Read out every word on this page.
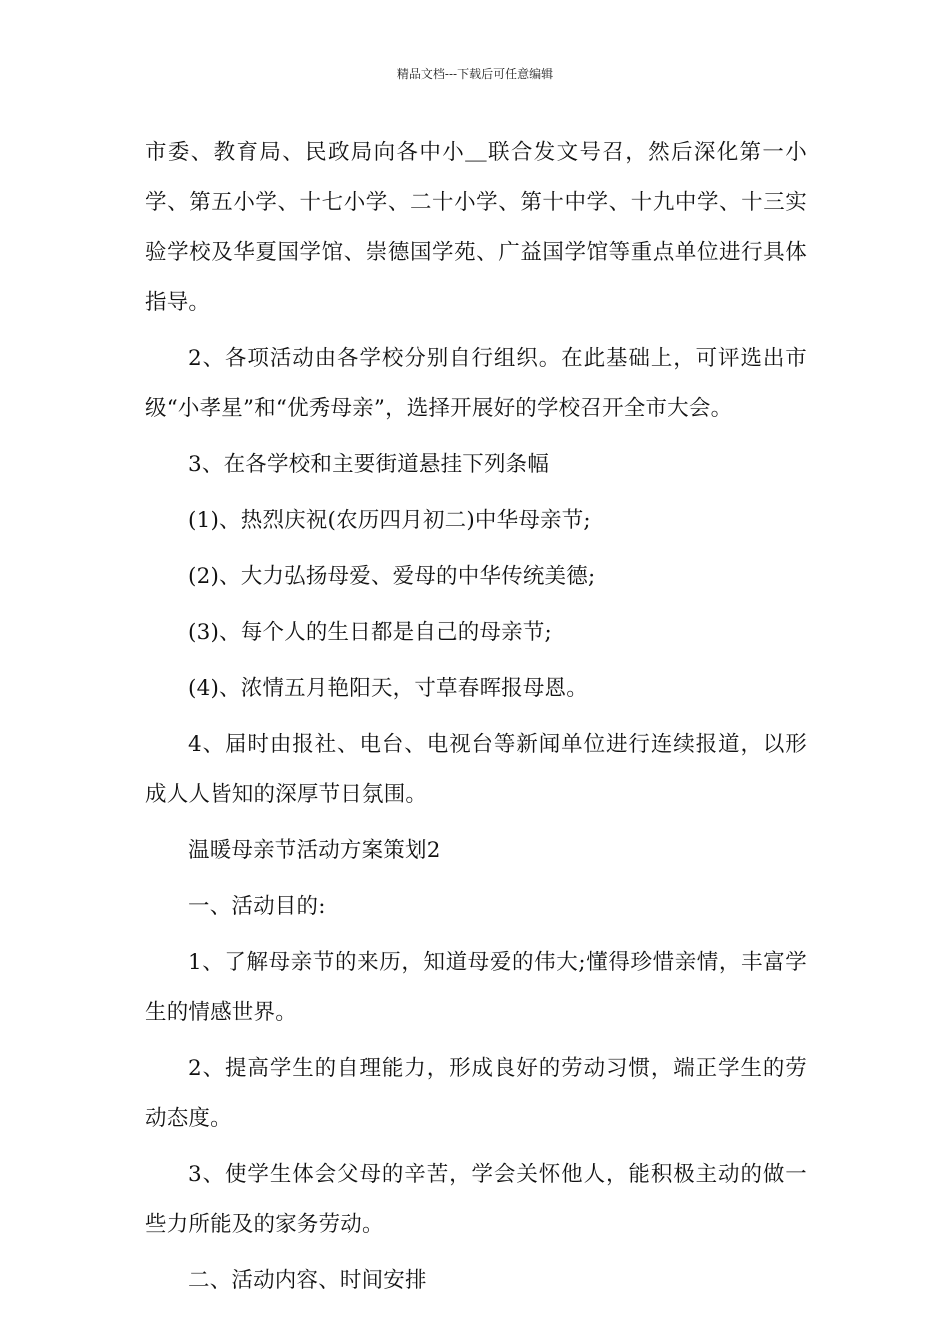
精品文档---下载后可任意编辑

市委、教育局、民政局向各中小＿联合发文号召，然后深化第一小学、第五小学、十七小学、二十小学、第十中学、十九中学、十三实验学校及华夏国学馆、崇德国学苑、广益国学馆等重点单位进行具体指导。

2、各项活动由各学校分别自行组织。在此基础上，可评选出市级“小孝星”和“优秀母亲”，选择开展好的学校召开全市大会。

3、在各学校和主要街道悬挂下列条幅

(1)、热烈庆祝(农历四月初二)中华母亲节;

(2)、大力弘扬母爱、爱母的中华传统美德;

(3)、每个人的生日都是自己的母亲节;

(4)、浓情五月艳阳天，寸草春晖报母恩。

4、届时由报社、电台、电视台等新闻单位进行连续报道，以形成人人皆知的深厚节日氛围。

温暖母亲节活动方案策划2

一、活动目的:

1、了解母亲节的来历，知道母爱的伟大;懂得珍惜亲情，丰富学生的情感世界。

2、提高学生的自理能力，形成良好的劳动习惯，端正学生的劳动态度。

3、使学生体会父母的辛苦，学会关怀他人，能积极主动的做一些力所能及的家务劳动。

二、活动内容、时间安排
